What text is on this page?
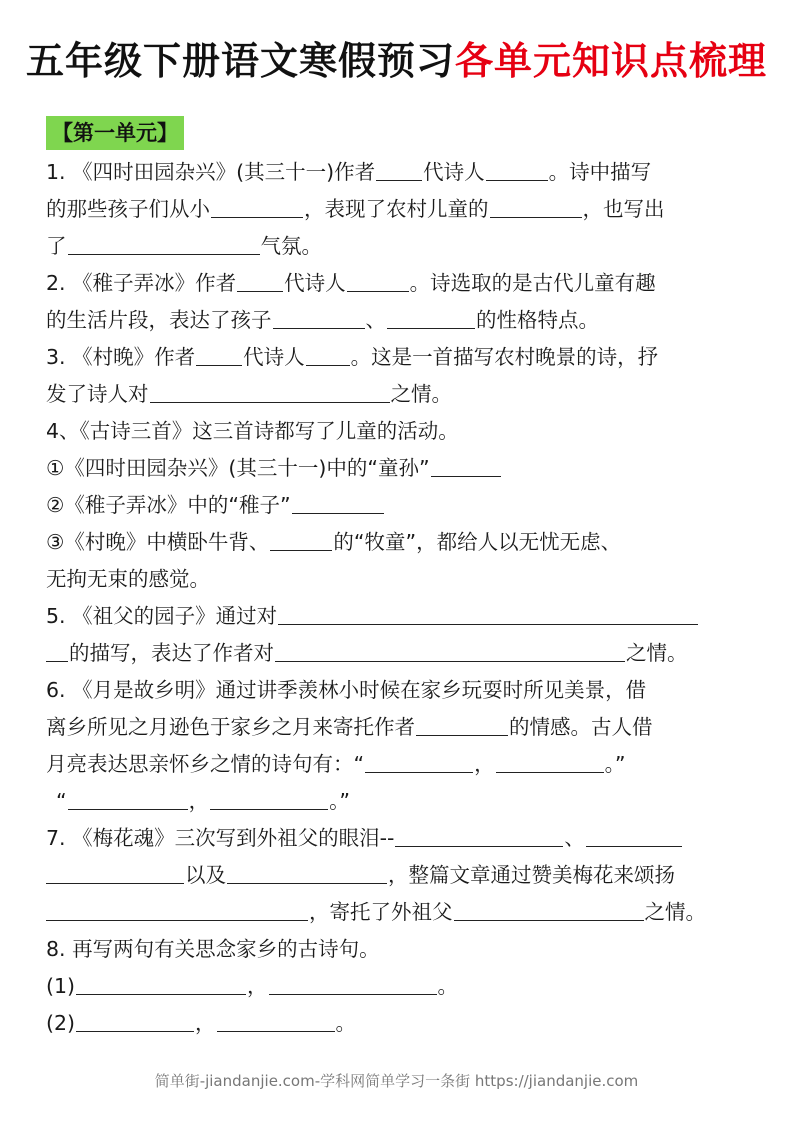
五年级下册语文寒假预习各单元知识点梳理
【第一单元】
1. 《四时田园杂兴》(其三十一)作者 代诗人	。诗中描写
的那些孩子们从小	，表现了农村儿童的	，也写出
了	气氛。
2. 《稚子弄冰》作者 代诗人	。诗选取的是古代儿童有趣
的生活片段，表达了孩子	、	的性格特点。
3. 《村晚》作者 代诗人 。这是一首描写农村晚景的诗，抒
发了诗人对	之情。
4、《古诗三首》这三首诗都写了儿童的活动。
①《四时田园杂兴》(其三十一)中的“童孙”
②《稚子弄冰》中的“稚子”
③《村晚》中横卧牛背、	的“牧童”，都给人以无忧无虑、
无拘无束的感觉。
5. 《祖父的园子》通过对
的描写，表达了作者对	之情。
6. 《月是故乡明》通过讲季羡林小时候在家乡玩耍时所见美景，借
离乡所见之月逊色于家乡之月来寄托作者	的情感。古人借
月亮表达思亲怀乡之情的诗句有：“	，	。”
“	，	。”
7. 《梅花魂》三次写到外祖父的眼泪--	、
以及	，整篇文章通过赞美梅花来颂扬
，寄托了外祖父	之情。
8. 再写两句有关思念家乡的古诗句。
(1)	，	。
(2)	，	。
简单街-jiandanjie.com-学科网简单学习一条街 https://jiandanjie.com
